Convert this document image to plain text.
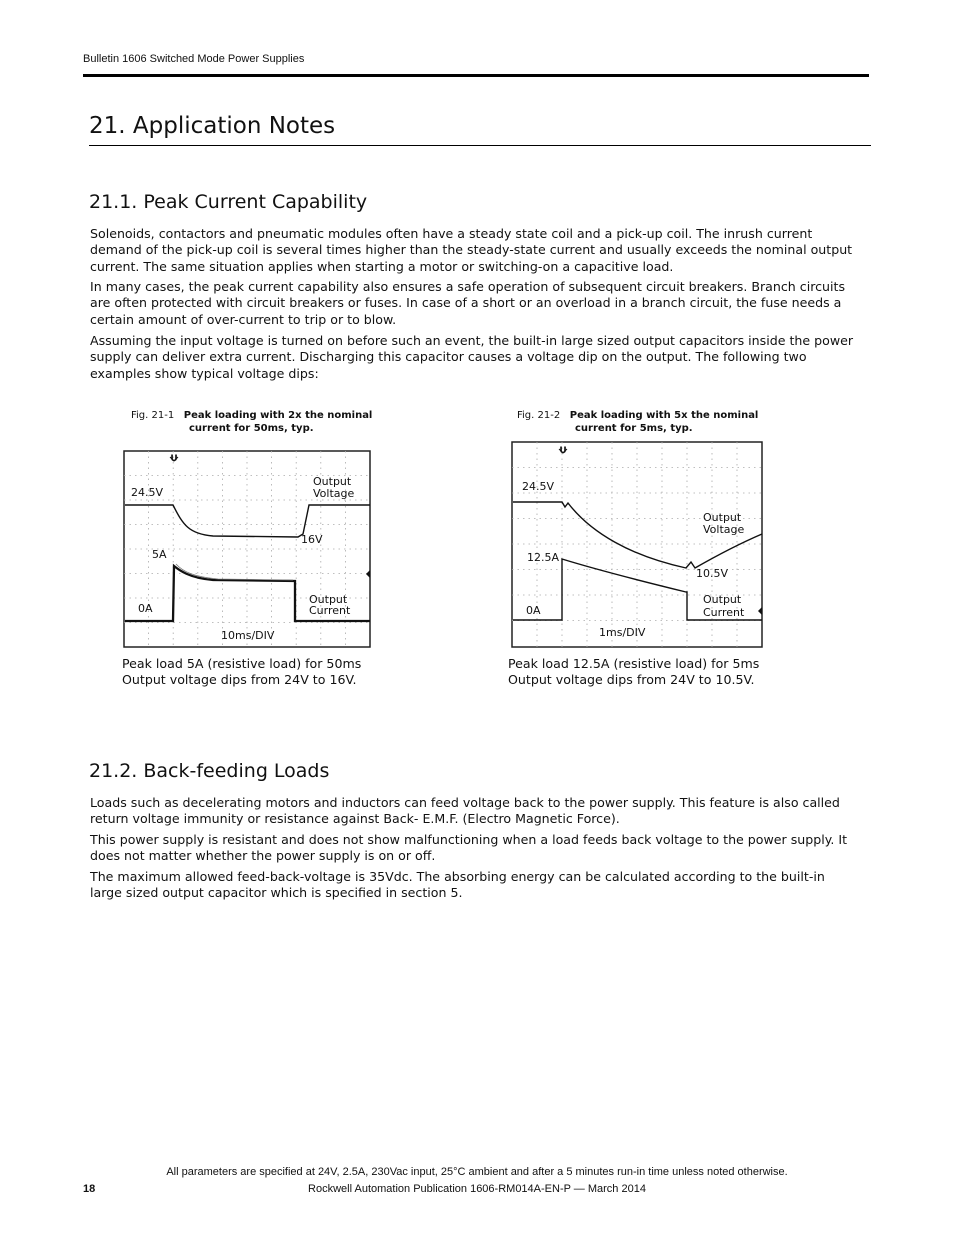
Bulletin 1606 Switched Mode Power Supplies
21. Application Notes
21.1. Peak Current Capability

Solenoids, contactors and pneumatic modules often have a steady state coil and a pick-up coil. The inrush current demand of the pick-up coil is several times higher than the steady-state current and usually exceeds the nominal output current. The same situation applies when starting a motor or switching-on a capacitive load.

In many cases, the peak current capability also ensures a safe operation of subsequent circuit breakers. Branch circuits are often protected with circuit breakers or fuses. In case of a short or an overload in a branch circuit, the fuse needs a certain amount of over-current to trip or to blow.

Assuming the input voltage is turned on before such an event, the built-in large sized output capacitors inside the power supply can deliver extra current. Discharging this capacitor causes a voltage dip on the output. The following two examples show typical voltage dips:

Fig. 21-1 Peak loading with 2x the nominal
current for 50ms, typ.
U
24.5V
Output
Voltage
16V
5A
0A
Output
Current
10ms/DIV
Peak load 5A (resistive load) for 50ms
Output voltage dips from 24V to 16V.
Fig. 21-2 Peak loading with 5x the nominal
current for 5ms, typ.
U
24.5V
Output
Voltage
10.5V
12.5A
0A
Output
Current
1ms/DIV
Peak load 12.5A (resistive load) for 5ms
Output voltage dips from 24V to 10.5V.
21.2. Back-feeding Loads

Loads such as decelerating motors and inductors can feed voltage back to the power supply. This feature is also called return voltage immunity or resistance against Back- E.M.F. (Electro Magnetic Force).

This power supply is resistant and does not show malfunctioning when a load feeds back voltage to the power supply. It does not matter whether the power supply is on or off.

The maximum allowed feed-back-voltage is 35Vdc. The absorbing energy can be calculated according to the built-in large sized output capacitor which is specified in section 5.

All parameters are specified at 24V, 2.5A, 230Vac input, 25°C ambient and after a 5 minutes run-in time unless noted otherwise.
18	Rockwell Automation Publication 1606-RM014A-EN-P — March 2014
